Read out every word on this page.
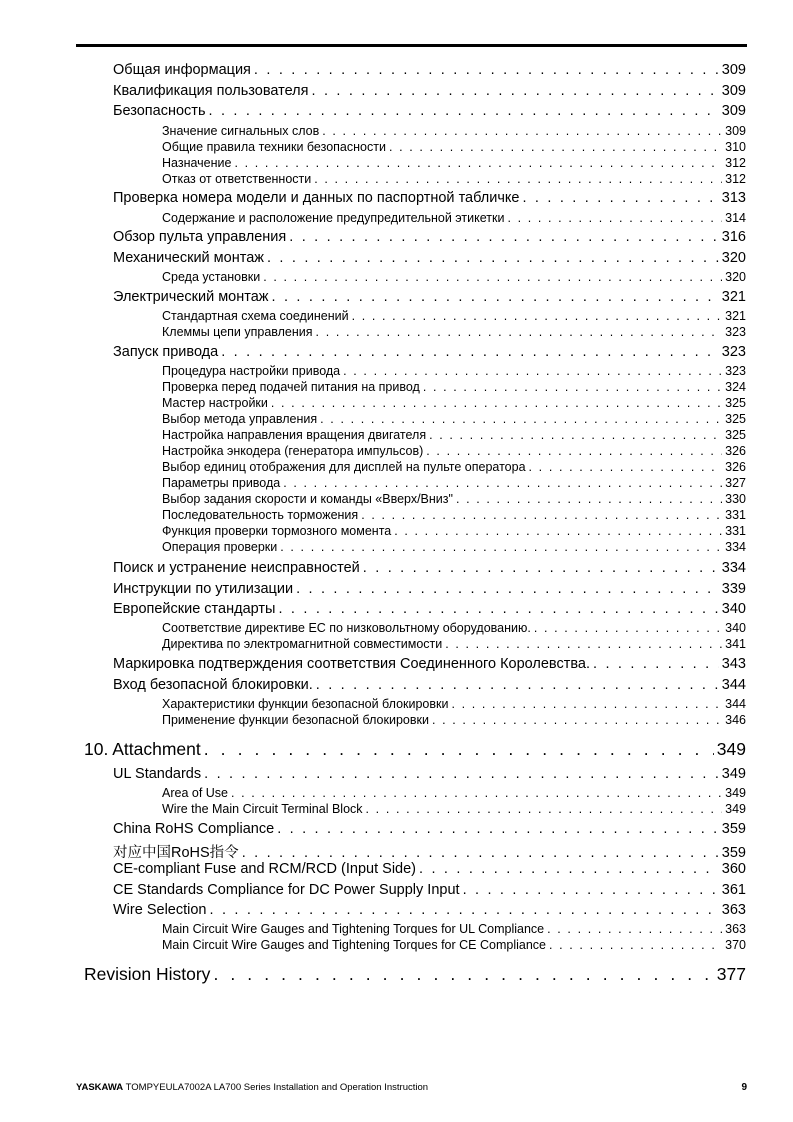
Общая информация . . .	309
Квалификация пользователя . . .	309
Безопасность . . .	309
Значение сигнальных слов . . .	309
Общие правила техники безопасности . . .	310
Назначение . . .	312
Отказ от ответственности . . .	312
Проверка номера модели и данных по паспортной табличке . . .	313
Содержание и расположение предупредительной этикетки . . .	314
Обзор пульта управления . . .	316
Механический монтаж . . .	320
Среда установки . . .	320
Электрический монтаж . . .	321
Стандартная схема соединений . . .	321
Клеммы цепи управления . . .	323
Запуск привода . . .	323
Процедура настройки привода . . .	323
Проверка перед подачей питания на привод . . .	324
Мастер настройки . . .	325
Выбор метода управления . . .	325
Настройка направления вращения двигателя . . .	325
Настройка энкодера (генератора импульсов) . . .	326
Выбор единиц отображения для дисплей на пульте оператора . . .	326
Параметры привода . . .	327
Выбор задания скорости и команды «Вверх/Вниз" . . .	330
Последовательность торможения . . .	331
Функция проверки тормозного момента . . .	331
Операция проверки . . .	334
Поиск и устранение неисправностей . . .	334
Инструкции по утилизации . . .	339
Европейские стандарты . . .	340
Соответствие директиве ЕС по низковольтному оборудованию. . . .	340
Директива по электромагнитной совместимости . . .	341
Маркировка подтверждения соответствия Соединенного Королевства. . . .	343
Вход безопасной блокировки. . . .	344
Характеристики функции безопасной блокировки . . .	344
Применение функции безопасной блокировки . . .	346
10. Attachment . . .	349
UL Standards . . .	349
Area of Use . . .	349
Wire the Main Circuit Terminal Block . . .	349
China RoHS Compliance . . .	359
对应中国RoHS指令 . . .	359
CE-compliant Fuse and RCM/RCD (Input Side) . . .	360
CE Standards Compliance for DC Power Supply Input . . .	361
Wire Selection . . .	363
Main Circuit Wire Gauges and Tightening Torques for UL Compliance . . .	363
Main Circuit Wire Gauges and Tightening Torques for CE Compliance . . .	370
Revision History . . .	377
YASKAWA TOMPYEULA7002A LA700 Series Installation and Operation Instruction	9
